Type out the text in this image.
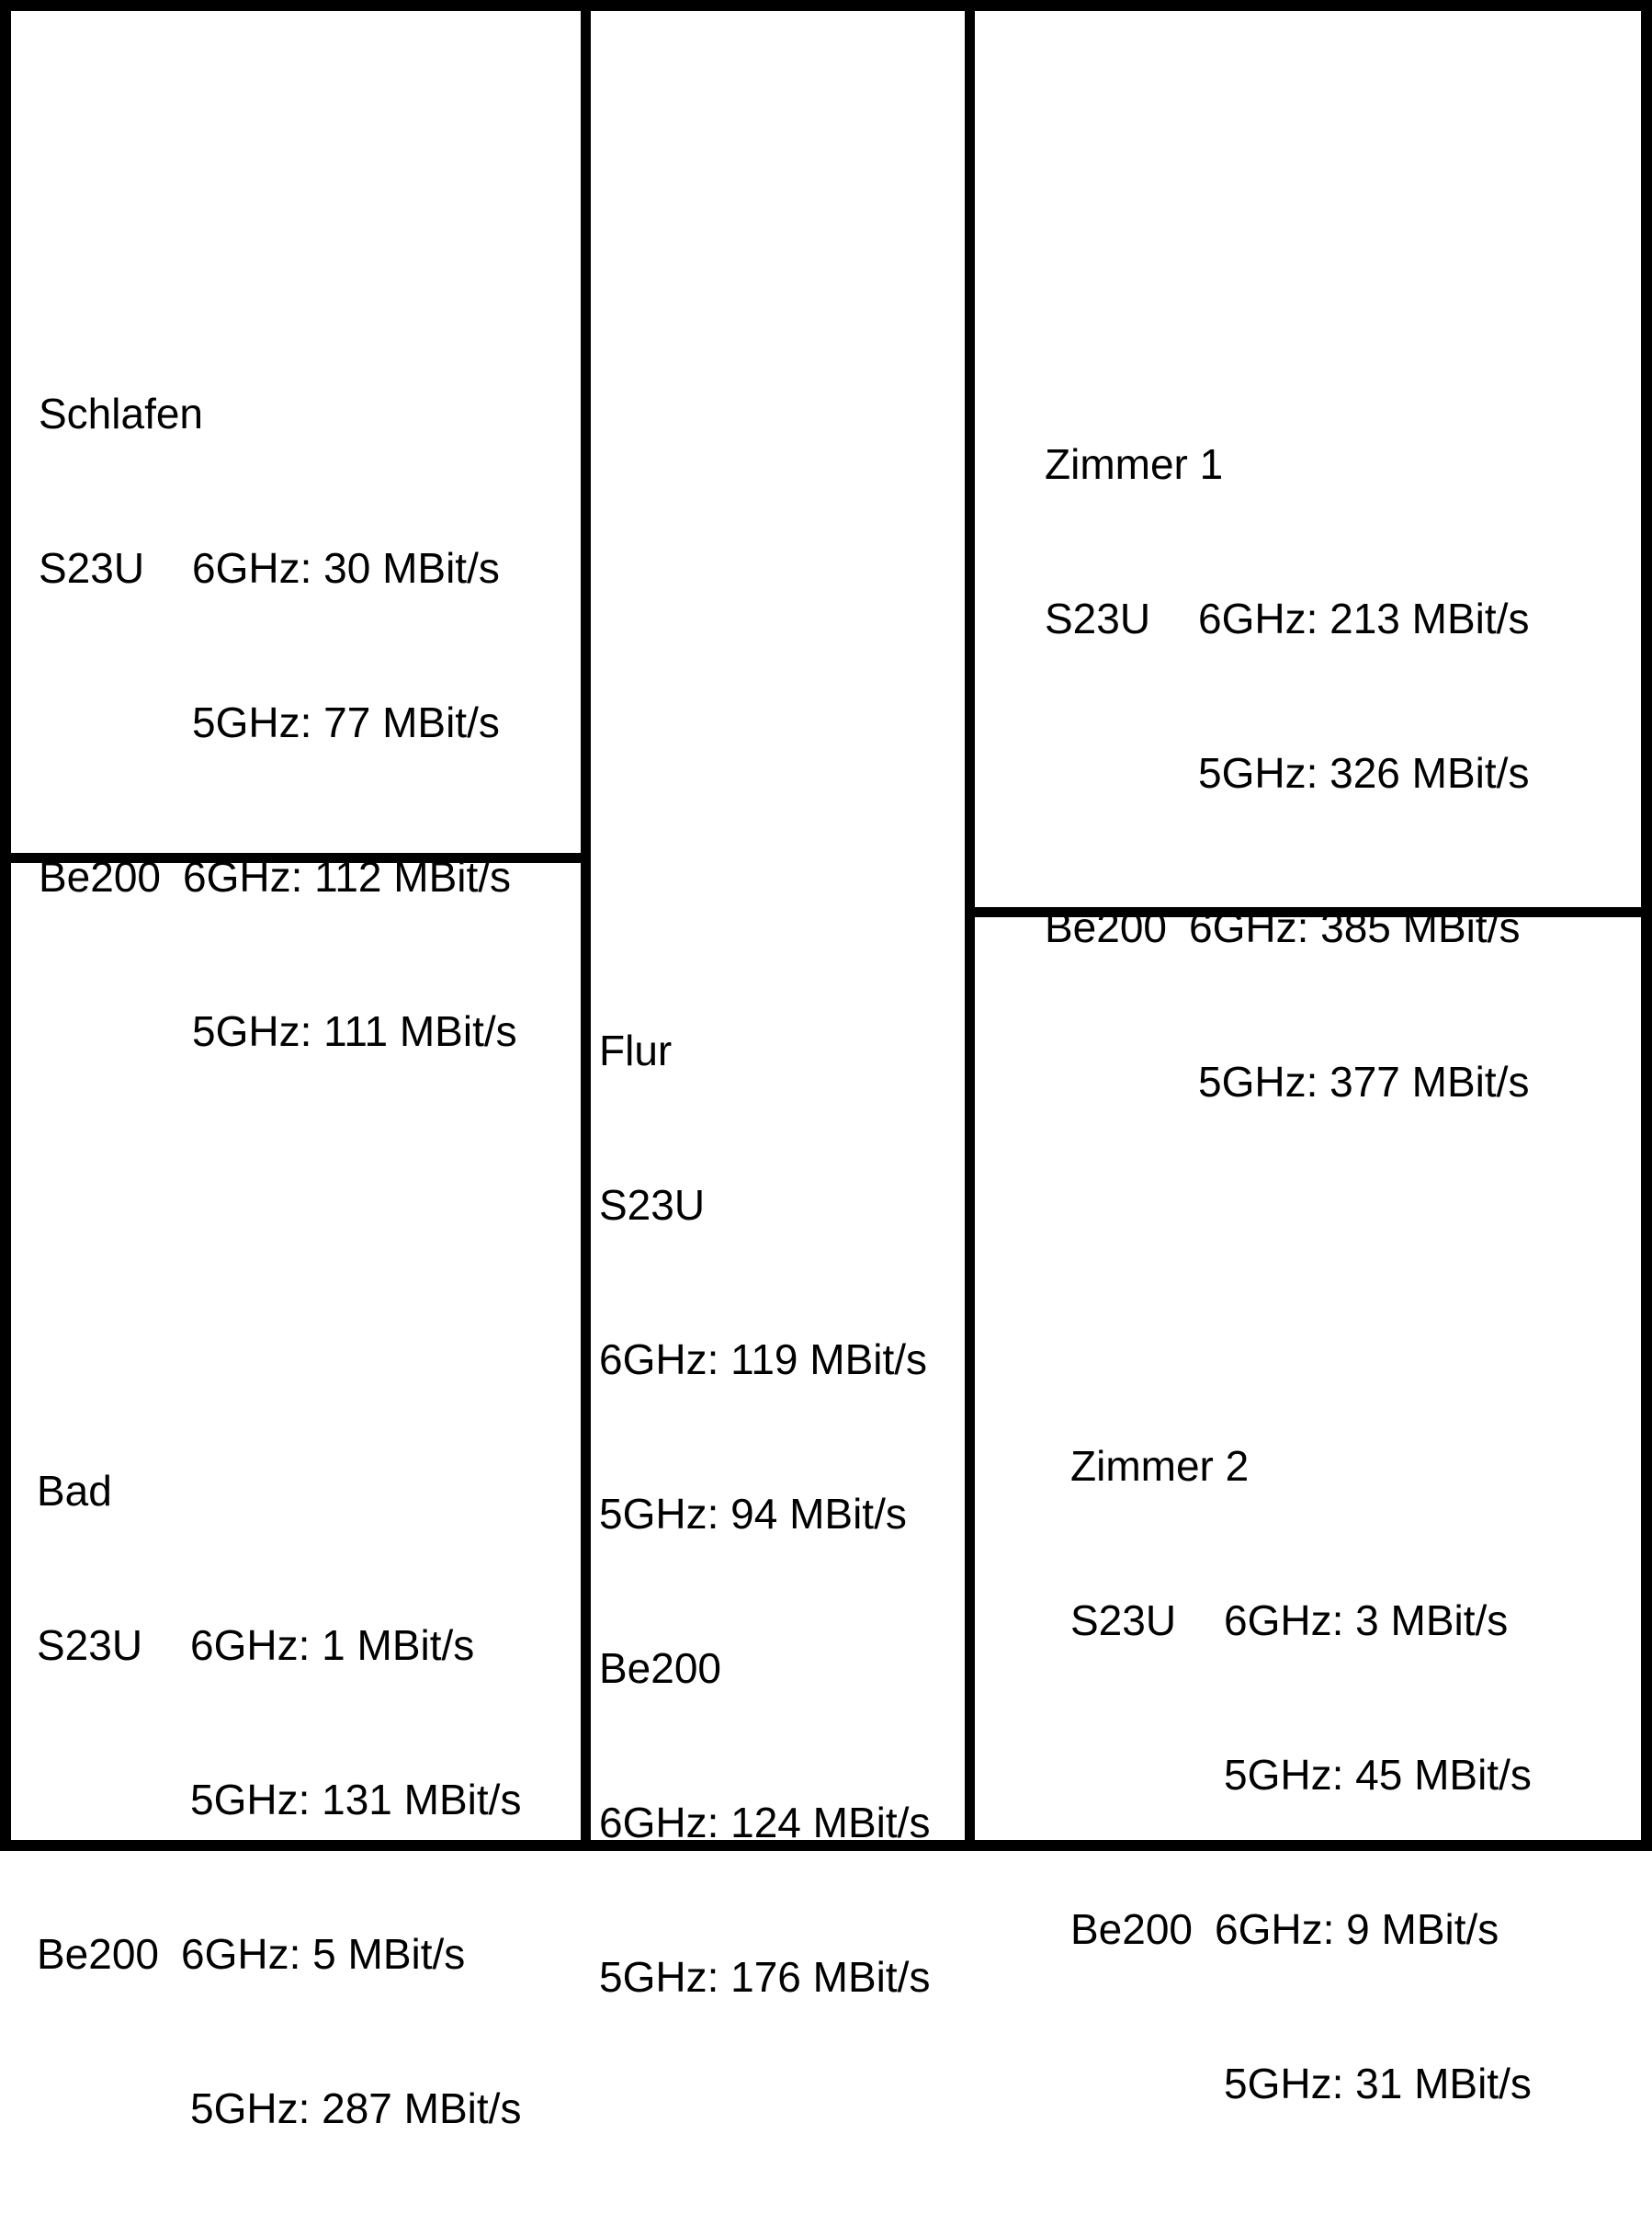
Schlafen

S23U 6GHz: 30 MBit/s

5GHz: 77 MBit/s

Be200 6GHz: 112 MBit/s

5GHz: 111 MBit/s

Bad

S23U 6GHz: 1 MBit/s

5GHz: 131 MBit/s

Be200 6GHz: 5 MBit/s

5GHz: 287 MBit/s

Flur

S23U

6GHz: 119 MBit/s

5GHz: 94 MBit/s

Be200

6GHz: 124 MBit/s

5GHz: 176 MBit/s

Zimmer 1

S23U 6GHz: 213 MBit/s

5GHz: 326 MBit/s

Be200 6GHz: 385 MBit/s

5GHz: 377 MBit/s

Zimmer 2

S23U 6GHz: 3 MBit/s

5GHz: 45 MBit/s

Be200 6GHz: 9 MBit/s

5GHz: 31 MBit/s
